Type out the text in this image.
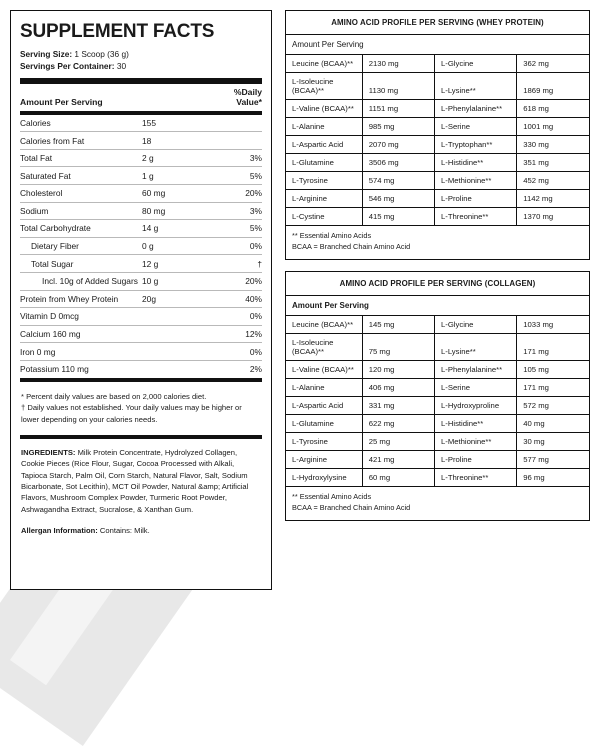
SUPPLEMENT FACTS
Serving Size: 1 Scoop (36 g)
Servings Per Container: 30
Amount Per Serving	%Daily Value*
Calories	155	
Calories from Fat	18	
Total Fat	2 g	3%
Saturated Fat	1 g	5%
Cholesterol	60 mg	20%
Sodium	80 mg	3%
Total Carbohydrate	14 g	5%
Dietary Fiber	0 g	0%
Total Sugar	12 g	†
Incl. 10g of Added Sugars	10 g	20%
Protein from Whey Protein	20g	40%
Vitamin D 0mcg		0%
Calcium 160 mg		12%
Iron 0 mg		0%
Potassium 110 mg		2%
* Percent daily values are based on 2,000 calories diet.
† Daily values not established. Your daily values may be higher or lower depending on your calories needs.
INGREDIENTS: Milk Protein Concentrate, Hydrolyzed Collagen, Cookie Pieces (Rice Flour, Sugar, Cocoa Processed with Alkali, Tapioca Starch, Palm Oil, Corn Starch, Natural Flavor, Salt, Sodium Bicarbonate, Sot Lecithin), MCT Oil Powder, Natural &amp; Artificial Flavors, Mushroom Complex Powder, Turmeric Root Powder, Ashwagandha Extract, Sucralose, & Xanthan Gum.
Allergan Information: Contains: Milk.
AMINO ACID PROFILE PER SERVING (WHEY PROTEIN)
Amount Per Serving
Leucine (BCAA)**	2130 mg	L-Glycine	362 mg
L-Isoleucine (BCAA)**	1130 mg	L-Lysine**	1869 mg
L-Valine (BCAA)**	1151 mg	L-Phenylalanine**	618 mg
L-Alanine	985 mg	L-Serine	1001 mg
L-Aspartic Acid	2070 mg	L-Tryptophan**	330 mg
L-Glutamine	3506 mg	L-Histidine**	351 mg
L-Tyrosine	574 mg	L-Methionine**	452 mg
L-Arginine	546 mg	L-Proline	1142 mg
L-Cystine	415 mg	L-Threonine**	1370 mg
** Essential Amino Acids
BCAA = Branched Chain Amino Acid
AMINO ACID PROFILE PER SERVING (COLLAGEN)
Amount Per Serving
Leucine (BCAA)**	145 mg	L-Glycine	1033 mg
L-Isoleucine (BCAA)**	75 mg	L-Lysine**	171 mg
L-Valine (BCAA)**	120 mg	L-Phenylalanine**	105 mg
L-Alanine	406 mg	L-Serine	171 mg
L-Aspartic Acid	331 mg	L-Hydroxyproline	572 mg
L-Glutamine	622 mg	L-Histidine**	40 mg
L-Tyrosine	25 mg	L-Methionine**	30 mg
L-Arginine	421 mg	L-Proline	577 mg
L-Hydroxylysine	60 mg	L-Threonine**	96 mg
** Essential Amino Acids
BCAA = Branched Chain Amino Acid
